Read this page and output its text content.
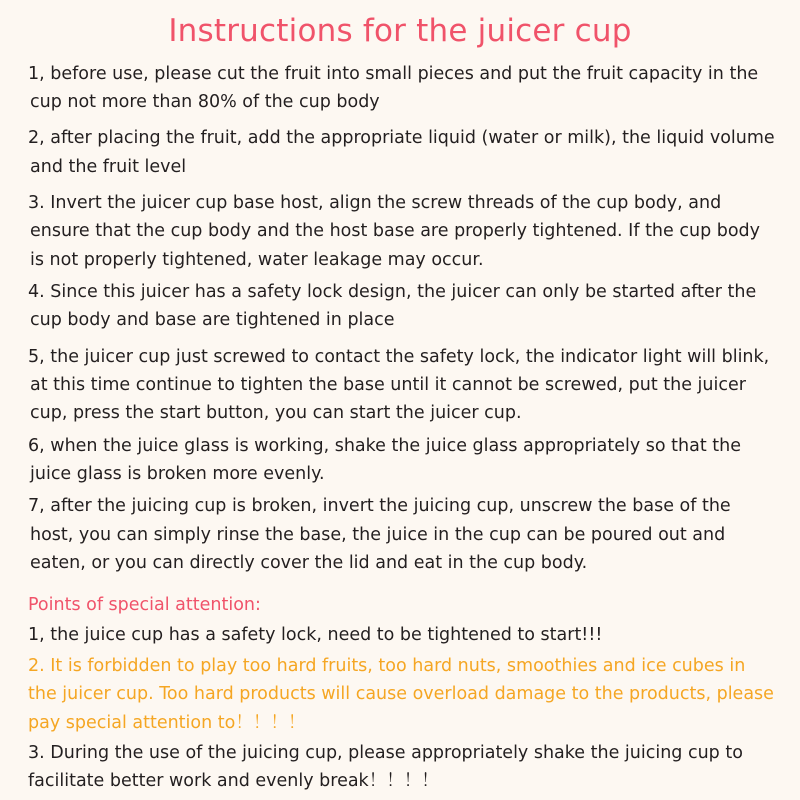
Instructions for the juicer cup
1, before use, please cut the fruit into small pieces and put the fruit capacity in the cup not more than 80% of the cup body
2, after placing the fruit, add the appropriate liquid (water or milk), the liquid volume and the fruit level
3. Invert the juicer cup base host, align the screw threads of the cup body, and ensure that the cup body and the host base are properly tightened. If the cup body is not properly tightened, water leakage may occur.
4. Since this juicer has a safety lock design, the juicer can only be started after the cup body and base are tightened in place
5, the juicer cup just screwed to contact the safety lock, the indicator light will blink, at this time continue to tighten the base until it cannot be screwed, put the juicer cup, press the start button, you can start the juicer cup.
6, when the juice glass is working, shake the juice glass appropriately so that the juice glass is broken more evenly.
7, after the juicing cup is broken, invert the juicing cup, unscrew the base of the host, you can simply rinse the base, the juice in the cup can be poured out and eaten, or you can directly cover the lid and eat in the cup body.
Points of special attention:
1, the juice cup has a safety lock, need to be tightened to start!!!
2. It is forbidden to play too hard fruits, too hard nuts, smoothies and ice cubes in the juicer cup. Too hard products will cause overload damage to the products, please pay special attention to！！！！
3. During the use of the juicing cup, please appropriately shake the juicing cup to facilitate better work and evenly break！！！！
